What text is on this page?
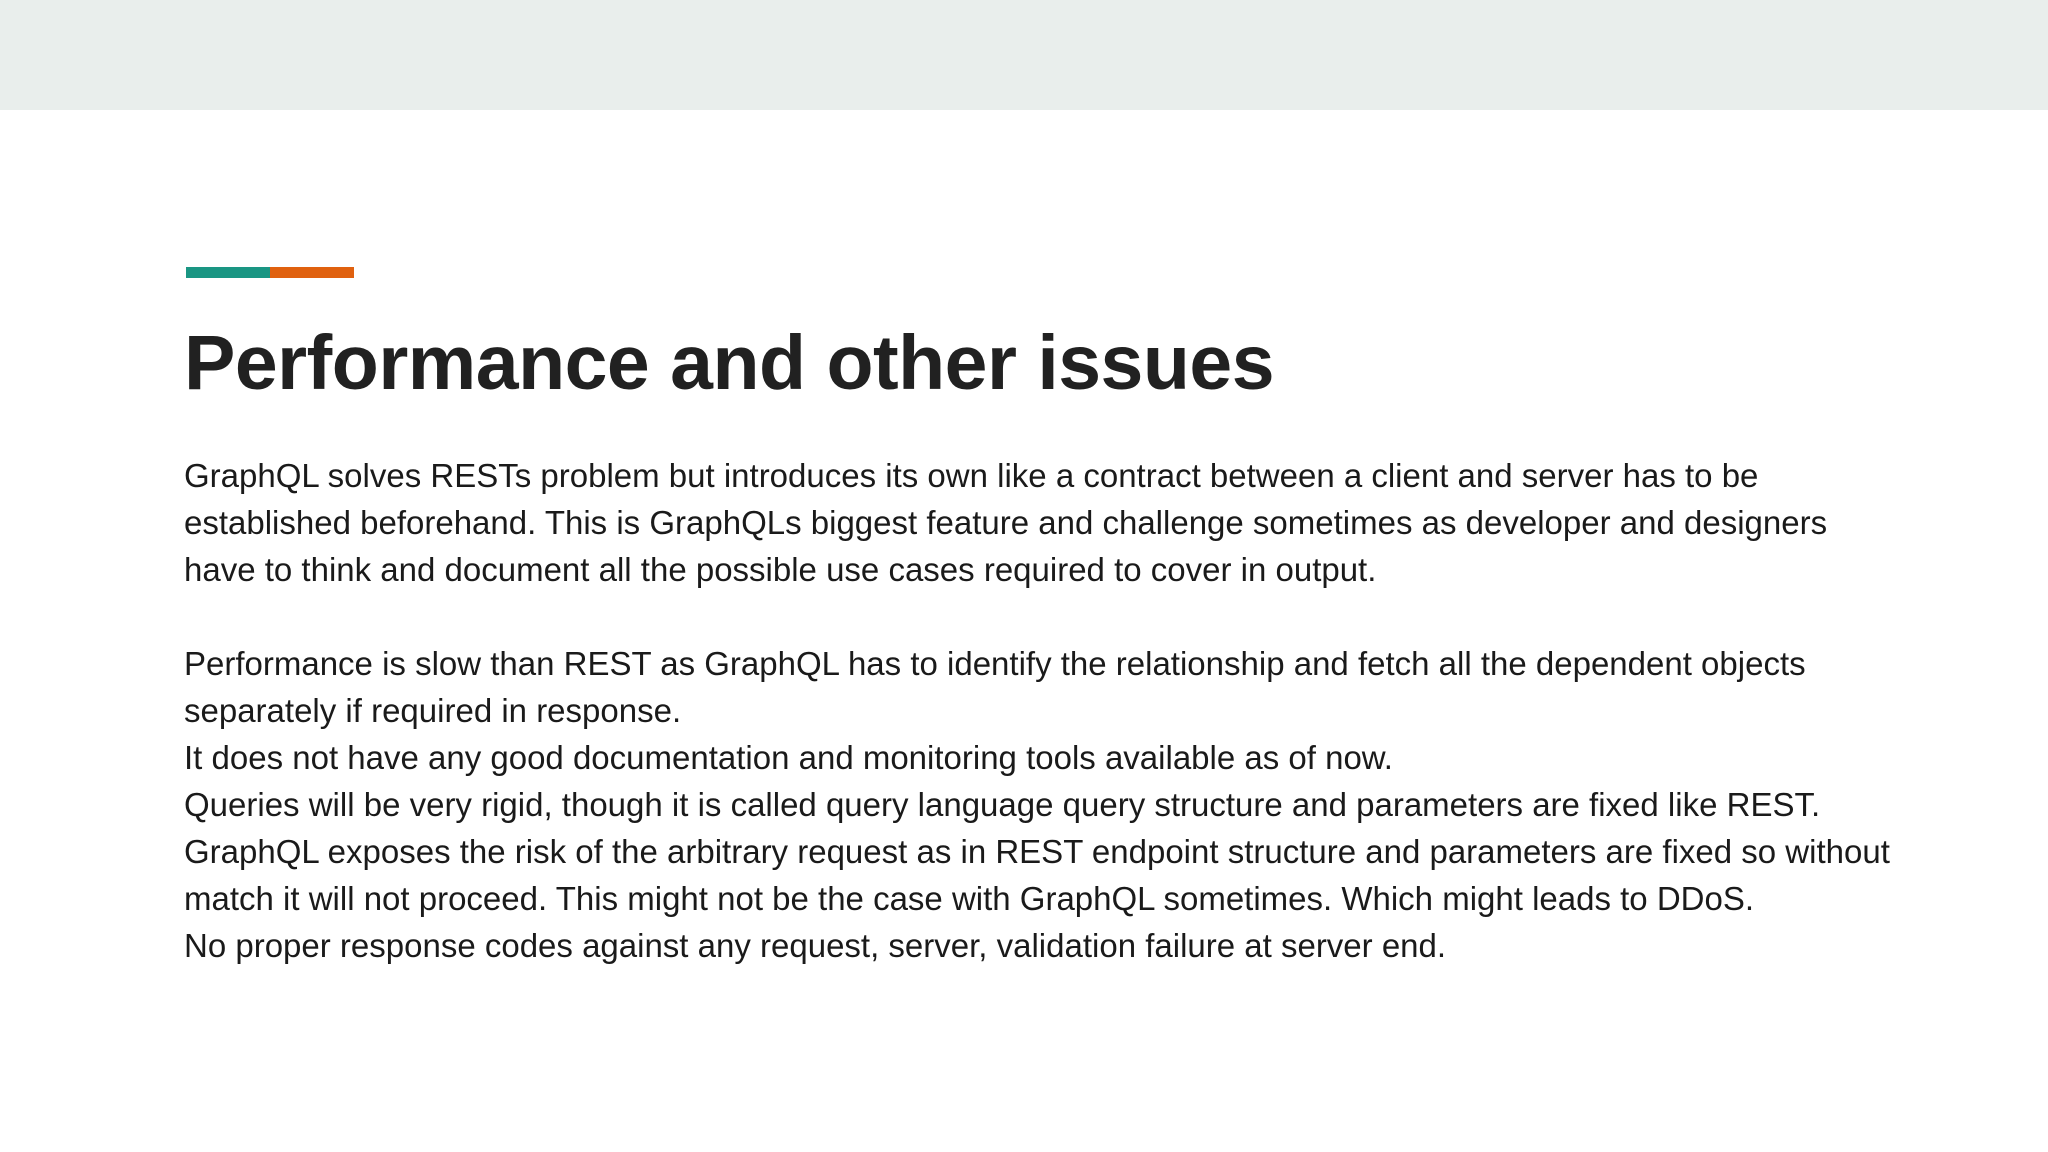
Performance and other issues
GraphQL solves RESTs problem but introduces its own like a contract between a client and server has to be
established beforehand. This is GraphQLs biggest feature and challenge sometimes as developer and designers
have to think and document all the possible use cases required to cover in output.
Performance is slow than REST as GraphQL has to identify the relationship and fetch all the dependent objects
separately if required in response.
It does not have any good documentation and monitoring tools available as of now.
Queries will be very rigid, though it is called query language query structure and parameters are fixed like REST.
GraphQL exposes the risk of the arbitrary request as in REST endpoint structure and parameters are fixed so without
match it will not proceed. This might not be the case with GraphQL sometimes. Which might leads to DDoS.
No proper response codes against any request, server, validation failure at server end.
